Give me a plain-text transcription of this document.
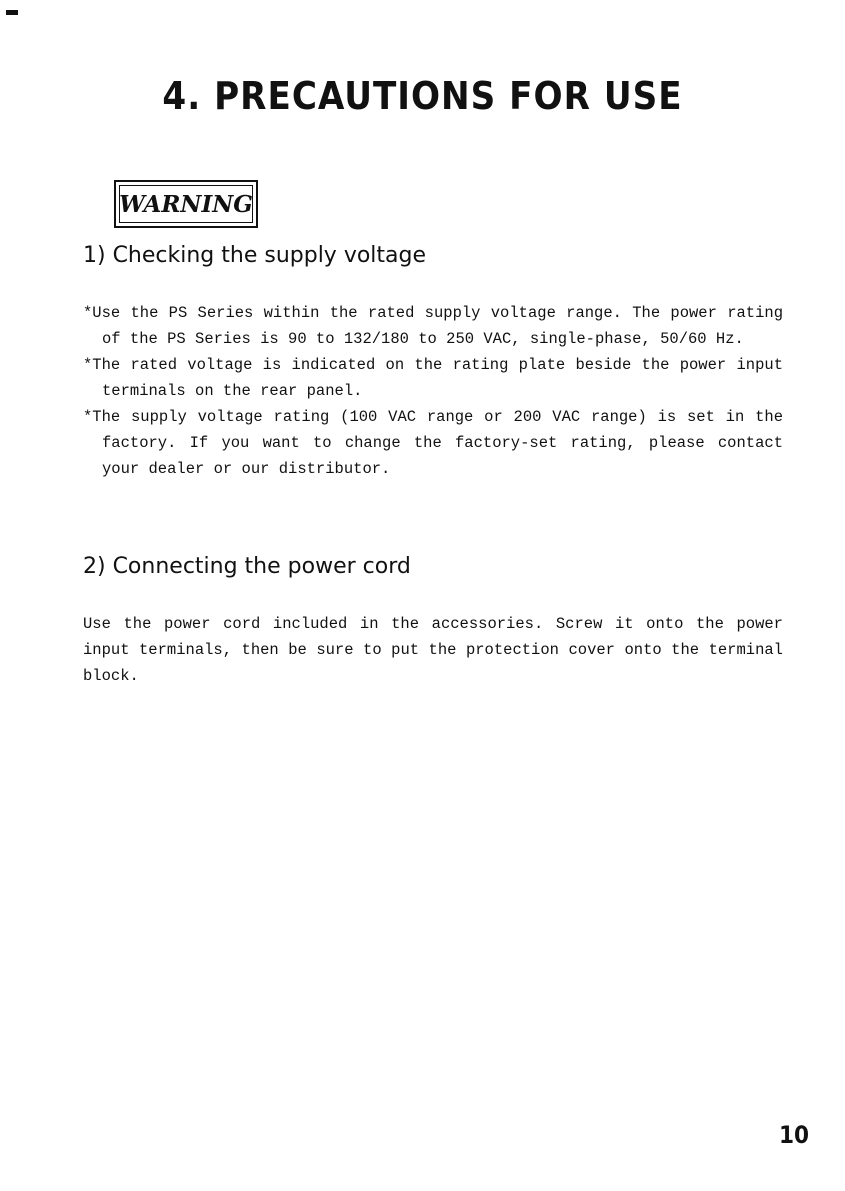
4. PRECAUTIONS FOR USE
WARNING
1) Checking the supply voltage

*Use the PS Series within the rated supply voltage range. The power rating of the PS Series is 90 to 132/180 to 250 VAC, single-phase, 50/60 Hz.

*The rated voltage is indicated on the rating plate beside the power input terminals on the rear panel.

*The supply voltage rating (100 VAC range or 200 VAC range) is set in the factory. If you want to change the factory-set rating, please contact your dealer or our distributor.

2) Connecting the power cord

Use the power cord included in the accessories. Screw it onto the power input terminals, then be sure to put the protection cover onto the terminal block.

10
